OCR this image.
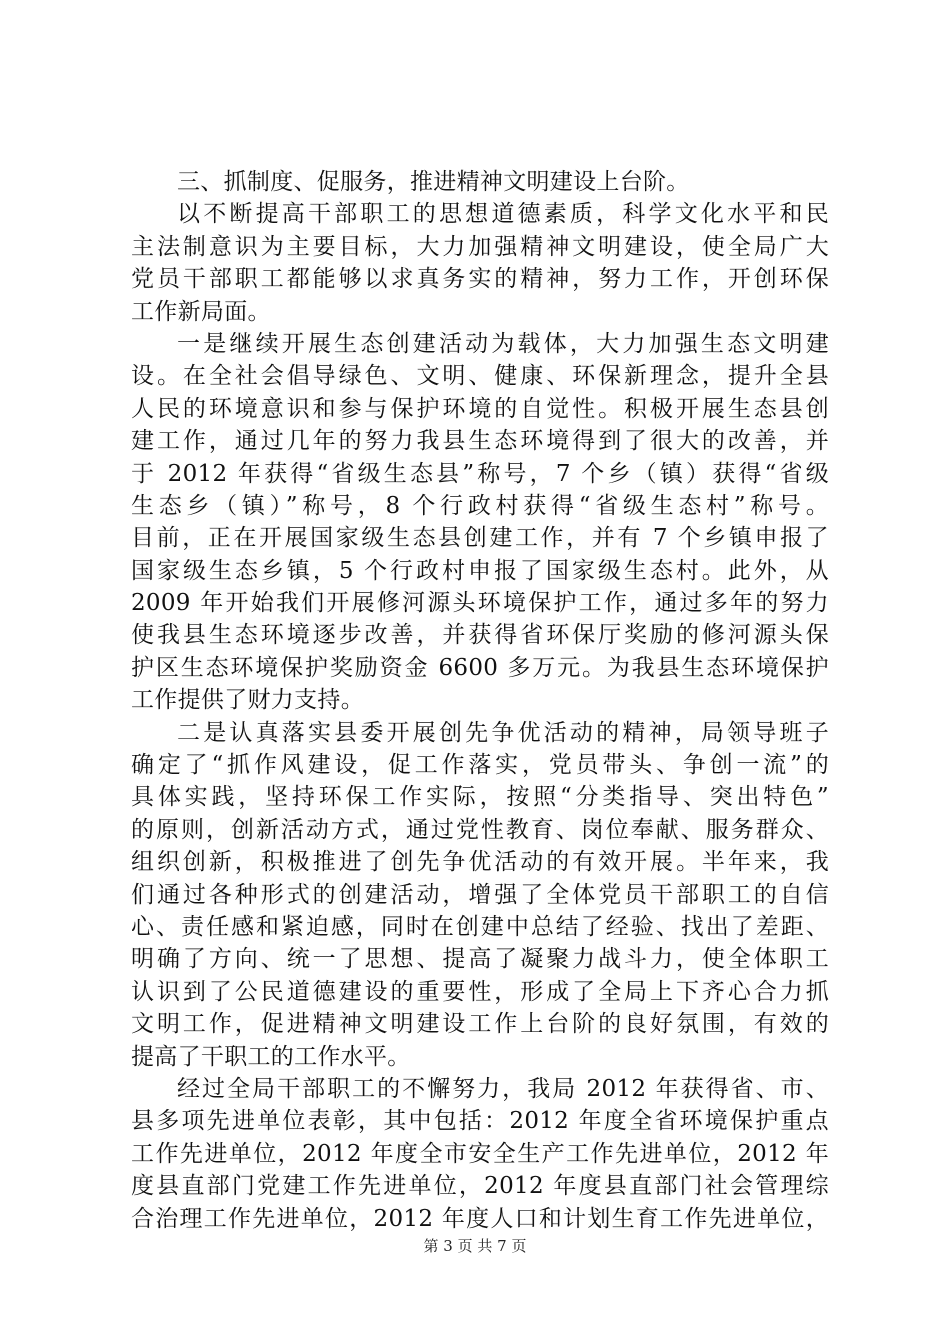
三、抓制度、促服务，推进精神文明建设上台阶。
以不断提高干部职工的思想道德素质，科学文化水平和民
主法制意识为主要目标，大力加强精神文明建设，使全局广大
党员干部职工都能够以求真务实的精神，努力工作，开创环保
工作新局面。
一是继续开展生态创建活动为载体，大力加强生态文明建
设。在全社会倡导绿色、文明、健康、环保新理念，提升全县
人民的环境意识和参与保护环境的自觉性。积极开展生态县创
建工作，通过几年的努力我县生态环境得到了很大的改善，并
于 2012 年获得“省级生态县”称号，7 个乡（镇）获得“省级
生态乡（镇）”称号，8 个行政村获得“省级生态村”称号。
目前，正在开展国家级生态县创建工作，并有 7 个乡镇申报了
国家级生态乡镇，5 个行政村申报了国家级生态村。此外，从
2009 年开始我们开展修河源头环境保护工作，通过多年的努力
使我县生态环境逐步改善，并获得省环保厅奖励的修河源头保
护区生态环境保护奖励资金 6600 多万元。为我县生态环境保护
工作提供了财力支持。
二是认真落实县委开展创先争优活动的精神，局领导班子
确定了“抓作风建设，促工作落实，党员带头、争创一流”的
具体实践，坚持环保工作实际，按照“分类指导、突出特色”
的原则，创新活动方式，通过党性教育、岗位奉献、服务群众、
组织创新，积极推进了创先争优活动的有效开展。半年来，我
们通过各种形式的创建活动，增强了全体党员干部职工的自信
心、责任感和紧迫感，同时在创建中总结了经验、找出了差距、
明确了方向、统一了思想、提高了凝聚力战斗力，使全体职工
认识到了公民道德建设的重要性，形成了全局上下齐心合力抓
文明工作，促进精神文明建设工作上台阶的良好氛围，有效的
提高了干职工的工作水平。
经过全局干部职工的不懈努力，我局 2012 年获得省、市、
县多项先进单位表彰，其中包括：2012 年度全省环境保护重点
工作先进单位，2012 年度全市安全生产工作先进单位，2012 年
度县直部门党建工作先进单位，2012 年度县直部门社会管理综
合治理工作先进单位，2012 年度人口和计划生育工作先进单位，
第 3 页 共 7 页
